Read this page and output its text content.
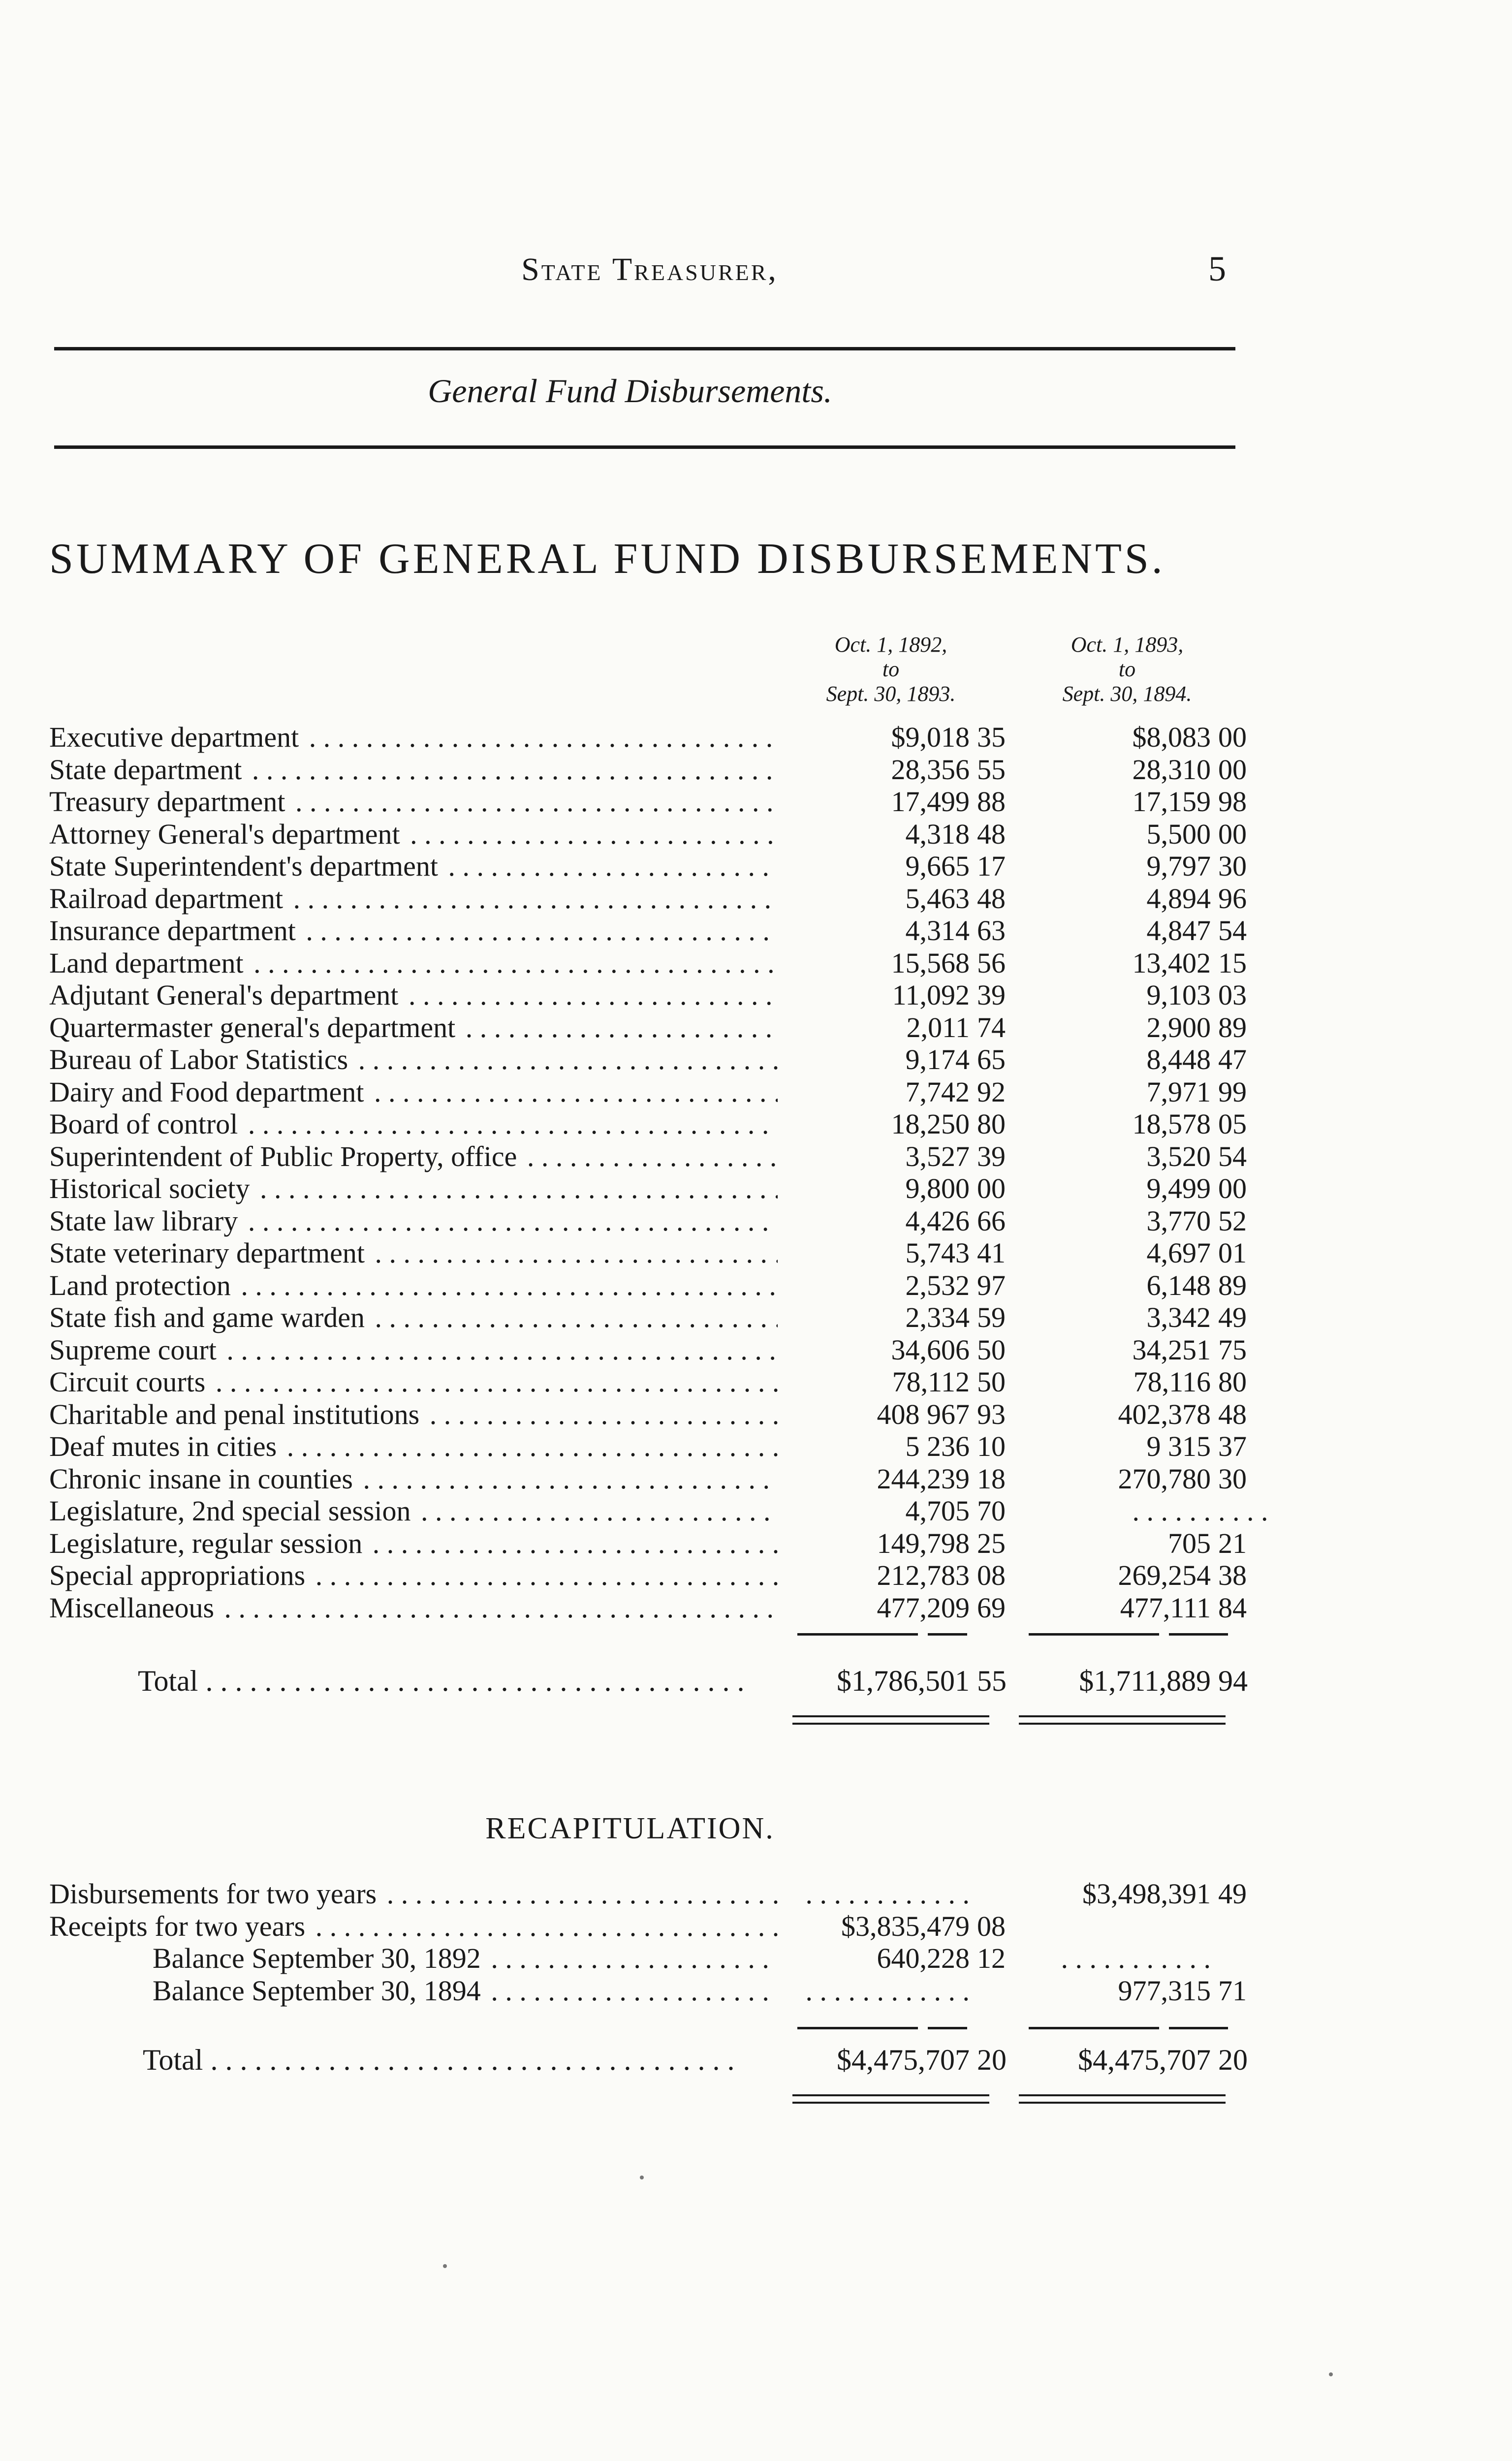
State Treasurer,	5
General Fund Disbursements.
SUMMARY OF GENERAL FUND DISBURSEMENTS.
Oct. 1, 1892,
to
Sept. 30, 1893.
Oct. 1, 1893,
to
Sept. 30, 1894.
Executive department . . .	$9,018 35	$8,083 00
State department . . .	28,356 55	28,310 00
Treasury department . . .	17,499 88	17,159 98
Attorney General's department . . .	4,318 48	5,500 00
State Superintendent's department . . .	9,665 17	9,797 30
Railroad department . . .	5,463 48	4,894 96
Insurance department . . .	4,314 63	4,847 54
Land department . . .	15,568 56	13,402 15
Adjutant General's department . . .	11,092 39	9,103 03
Quartermaster general's department . . .	2,011 74	2,900 89
Bureau of Labor Statistics . . .	9,174 65	8,448 47
Dairy and Food department . . .	7,742 92	7,971 99
Board of control . . .	18,250 80	18,578 05
Superintendent of Public Property, office . . .	3,527 39	3,520 54
Historical society . . .	9,800 00	9,499 00
State law library . . .	4,426 66	3,770 52
State veterinary department . . .	5,743 41	4,697 01
Land protection . . .	2,532 97	6,148 89
State fish and game warden . . .	2,334 59	3,342 49
Supreme court . . .	34,606 50	34,251 75
Circuit courts . . .	78,112 50	78,116 80
Charitable and penal institutions . . .	408 967 93	402,378 48
Deaf mutes in cities . . .	5 236 10	9 315 37
Chronic insane in counties . . .	244,239 18	270,780 30
Legislature, 2nd special session . . .	4,705 70	. . . . . . . . . .
Legislature, regular session . . .	149,798 25	705 21
Special appropriations . . .	212,783 08	269,254 38
Miscellaneous . . .	477,209 69	477,111 84
Total . . . . . . . . . . . . . . . . . . . . . . . . . . . . . . . . . . . . .	$1,786,501 55	$1,711,889 94
RECAPITULATION.
Disbursements for two years . . .	. . . . . . . . . . . .	$3,498,391 49
Receipts for two years . . .	$3,835,479 08
Balance September 30, 1892 . . .	640,228 12	. . . . . . . . . . .
Balance September 30, 1894 . . .	. . . . . . . . . . . .	977,315 71
Total . . . . . . . . . . . . . . . . . . . . . . . . . . . . . . . . . . . .	$4,475,707 20	$4,475,707 20
